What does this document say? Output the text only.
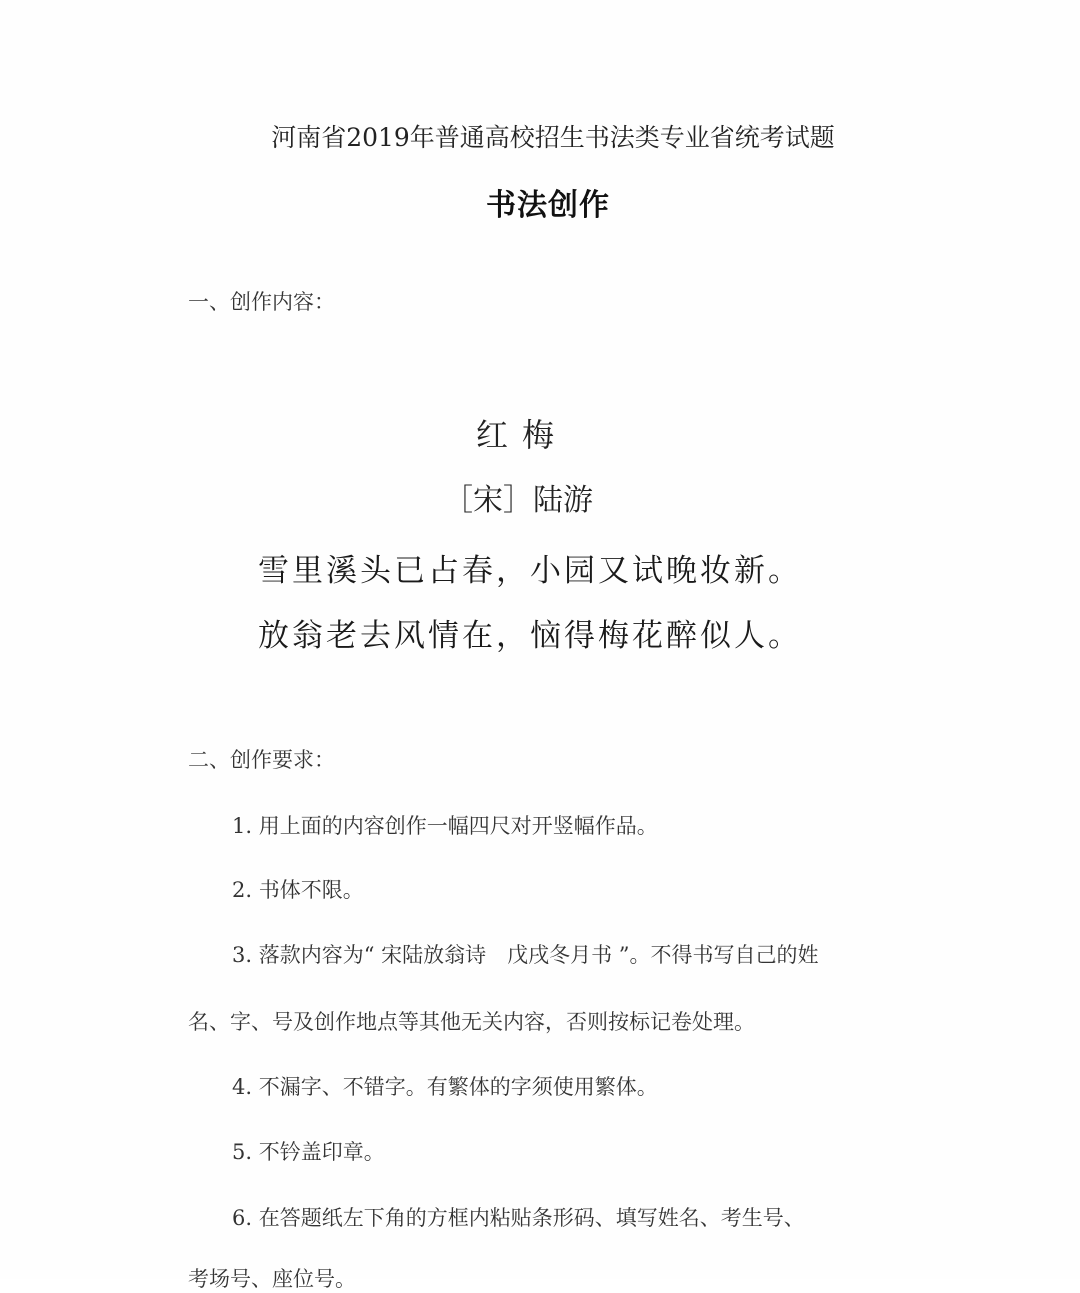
河南省2019年普通高校招生书法类专业省统考试题
书法创作
一、创作内容：
红梅
［宋］陆游
雪里溪头已占春，小园又试晚妆新。
放翁老去风情在，恼得梅花醉似人。
二、创作要求：
1. 用上面的内容创作一幅四尺对开竖幅作品。
2. 书体不限。
3. 落款内容为“ 宋陆放翁诗　戊戌冬月书 ”。不得书写自己的姓
名、字、号及创作地点等其他无关内容，否则按标记卷处理。
4. 不漏字、不错字。有繁体的字须使用繁体。
5. 不钤盖印章。
6. 在答题纸左下角的方框内粘贴条形码、填写姓名、考生号、
考场号、座位号。
